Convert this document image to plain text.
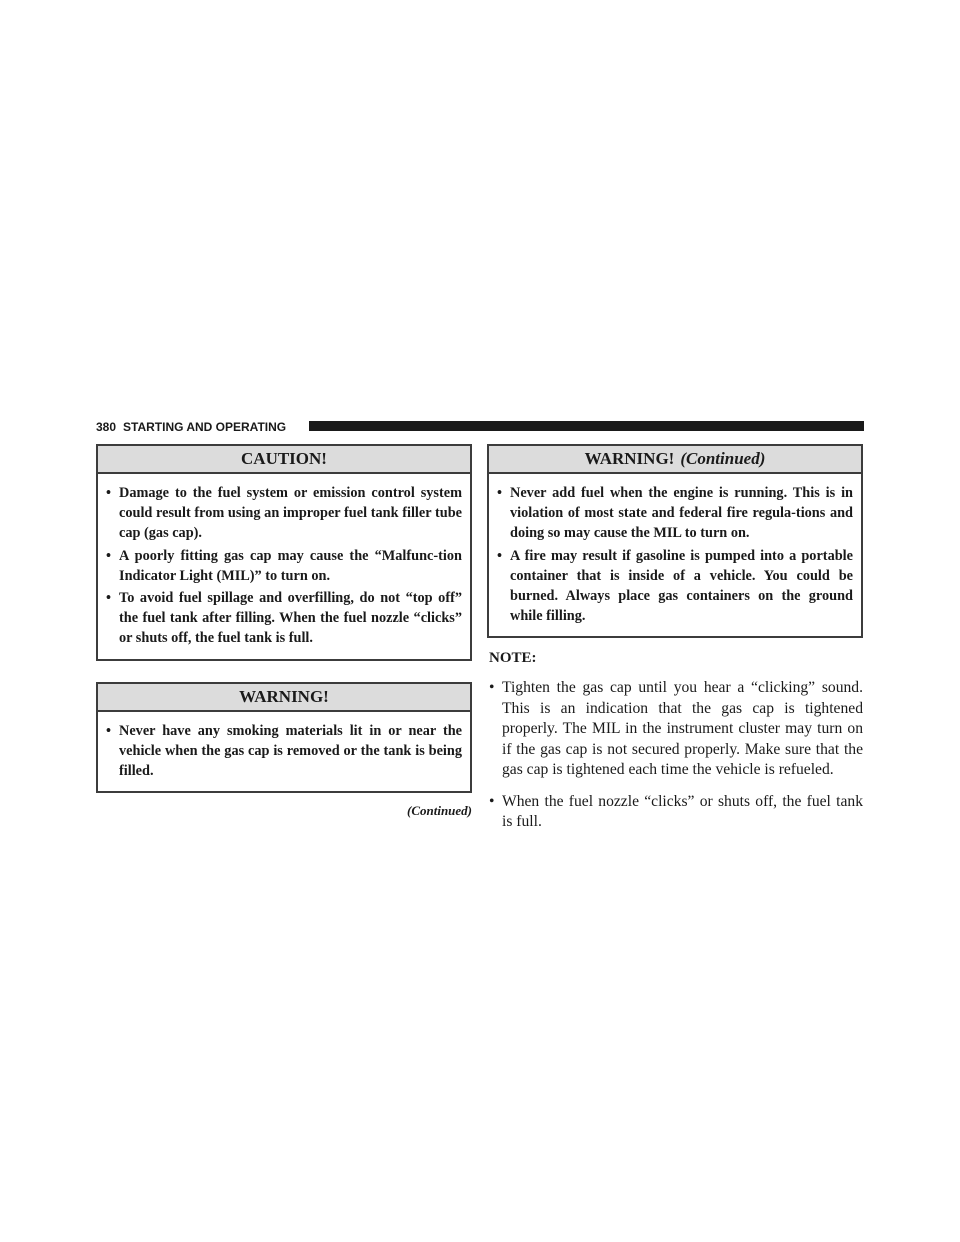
380 STARTING AND OPERATING
CAUTION!
• Damage to the fuel system or emission control system could result from using an improper fuel tank filler tube cap (gas cap).
• A poorly fitting gas cap may cause the “Malfunc-tion Indicator Light (MIL)” to turn on.
• To avoid fuel spillage and overfilling, do not “top off” the fuel tank after filling. When the fuel nozzle “clicks” or shuts off, the fuel tank is full.
WARNING!
• Never have any smoking materials lit in or near the vehicle when the gas cap is removed or the tank is being filled.
(Continued)
WARNING! (Continued)
• Never add fuel when the engine is running. This is in violation of most state and federal fire regula-tions and doing so may cause the MIL to turn on.
• A fire may result if gasoline is pumped into a portable container that is inside of a vehicle. You could be burned. Always place gas containers on the ground while filling.
NOTE:
• Tighten the gas cap until you hear a “clicking” sound. This is an indication that the gas cap is tightened properly. The MIL in the instrument cluster may turn on if the gas cap is not secured properly. Make sure that the gas cap is tightened each time the vehicle is refueled.
• When the fuel nozzle “clicks” or shuts off, the fuel tank is full.
